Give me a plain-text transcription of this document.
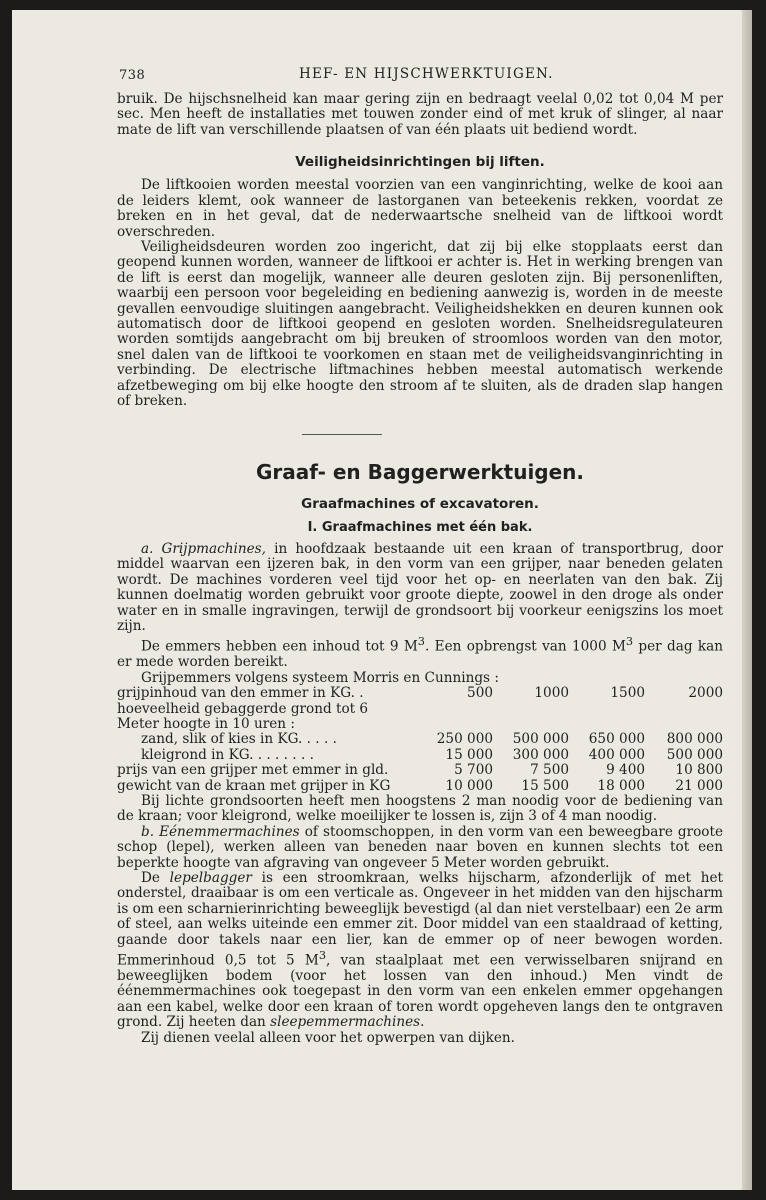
738	HEF- EN HIJSCHWERKTUIGEN.

bruik. De hijschsnelheid kan maar gering zijn en bedraagt veelal 0,02 tot 0,04 M per sec. Men heeft de installaties met touwen zonder eind of met kruk of slinger, al naar mate de lift van verschillende plaatsen of van één plaats uit bediend wordt.

Veiligheidsinrichtingen bij liften.

De liftkooien worden meestal voorzien van een vanginrichting, welke de kooi aan de leiders klemt, ook wanneer de lastorganen van beteekenis rekken, voordat ze breken en in het geval, dat de nederwaartsche snelheid van de liftkooi wordt overschreden.

Veiligheidsdeuren worden zoo ingericht, dat zij bij elke stopplaats eerst dan geopend kunnen worden, wanneer de liftkooi er achter is. Het in werking brengen van de lift is eerst dan mogelijk, wanneer alle deuren gesloten zijn. Bij personenliften, waarbij een persoon voor begeleiding en bediening aanwezig is, worden in de meeste gevallen eenvoudige sluitingen aangebracht. Veiligheidshekken en deuren kunnen ook automatisch door de liftkooi geopend en gesloten worden. Snelheidsregulateuren worden somtijds aangebracht om bij breuken of stroomloos worden van den motor, snel dalen van de liftkooi te voorkomen en staan met de veiligheidsvanginrichting in verbinding. De electrische liftmachines hebben meestal automatisch werkende afzetbeweging om bij elke hoogte den stroom af te sluiten, als de draden slap hangen of breken.

Graaf- en Baggerwerktuigen.

Graafmachines of excavatoren.

I. Graafmachines met één bak.

a. Grijpmachines, in hoofdzaak bestaande uit een kraan of transportbrug, door middel waarvan een ijzeren bak, in den vorm van een grijper, naar beneden gelaten wordt. De machines vorderen veel tijd voor het op- en neerlaten van den bak. Zij kunnen doelmatig worden gebruikt voor groote diepte, zoowel in den droge als onder water en in smalle ingravingen, terwijl de grondsoort bij voorkeur eenigszins los moet zijn.

De emmers hebben een inhoud tot 9 $M^3$. Een opbrengst van 1000 $M^3$ per dag kan er mede worden bereikt.

Grijpemmers volgens systeem Morris en Cunnings :

grijpinhoud van den emmer in KG. .	500	1000	1500	2000
hoeveelheid gebaggerde grond tot 6				
Meter hoogte in 10 uren :				
zand, slik of kies in KG. . . . .	250 000	500 000	650 000	800 000
kleigrond in KG. . . . . . . .	15 000	300 000	400 000	500 000
prijs van een grijper met emmer in gld.	5 700	7 500	9 400	10 800
gewicht van de kraan met grijper in KG	10 000	15 500	18 000	21 000

Bij lichte grondsoorten heeft men hoogstens 2 man noodig voor de bediening van de kraan; voor kleigrond, welke moeilijker te lossen is, zijn 3 of 4 man noodig.

b. Eénemmermachines of stoomschoppen, in den vorm van een beweegbare groote schop (lepel), werken alleen van beneden naar boven en kunnen slechts tot een beperkte hoogte van afgraving van ongeveer 5 Meter worden gebruikt.

De lepelbagger is een stroomkraan, welks hijscharm, afzonderlijk of met het onderstel, draaibaar is om een verticale as. Ongeveer in het midden van den hijscharm is om een scharnierinrichting beweeglijk bevestigd (al dan niet verstelbaar) een 2e arm of steel, aan welks uiteinde een emmer zit. Door middel van een staaldraad of ketting, gaande door takels naar een lier, kan de emmer op of neer bewogen worden. Emmerinhoud 0,5 tot 5 $M^3$, van staalplaat met een verwisselbaren snijrand en beweeglijken bodem (voor het lossen van den inhoud.) Men vindt de éénemmermachines ook toegepast in den vorm van een enkelen emmer opgehangen aan een kabel, welke door een kraan of toren wordt opgeheven langs den te ontgraven grond. Zij heeten dan sleepemmermachines.

Zij dienen veelal alleen voor het opwerpen van dijken.
